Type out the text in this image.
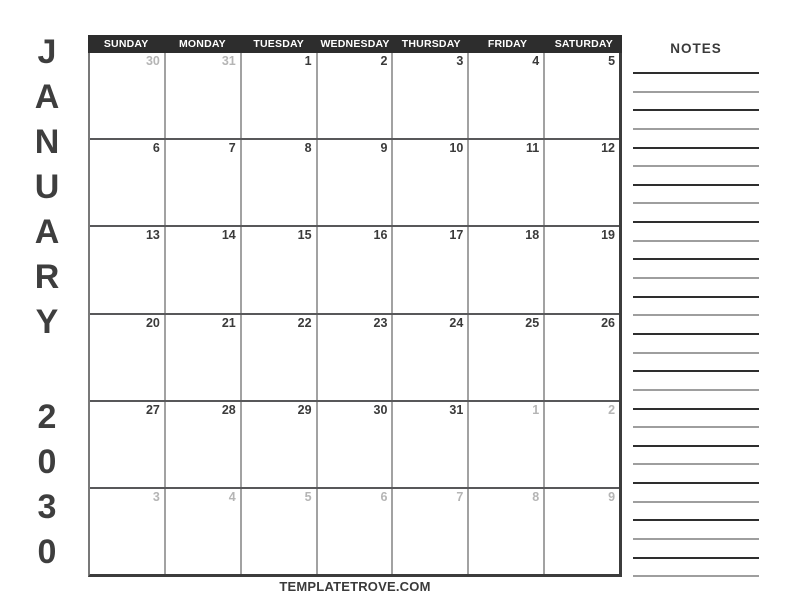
J
A
N
U
A
R
Y
2
0
3
0
SUNDAY	MONDAY	TUESDAY	WEDNESDAY	THURSDAY	FRIDAY	SATURDAY
30	31	1	2	3	4	5
6	7	8	9	10	11	12
13	14	15	16	17	18	19
20	21	22	23	24	25	26
27	28	29	30	31	1	2
3	4	5	6	7	8	9
NOTES
TEMPLATETROVE.COM
